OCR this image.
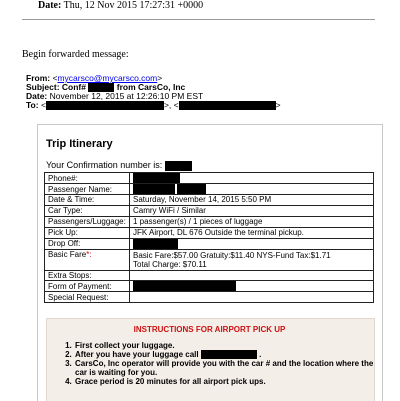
Date: Thu, 12 Nov 2015 17:27:31 +0000
Begin forwarded message:
From: <mycarsco@mycarsco.com>
Subject: Conf#	from CarsCo, Inc
Date: November 12, 2015 at 12:26:10 PM EST
To: <	>, <	>
Trip Itinerary
Your Confirmation number is:
Phone#:	
Passenger Name:	
Date & Time:	Saturday, November 14, 2015 5:50 PM
Car Type:	Camry WiFi / Similar
Passengers/Luggage:	1 passenger(s) / 1 pieces of luggage
Pick Up:	JFK Airport, DL 676 Outside the terminal pickup.
Drop Off:	
Basic Fare*:	Basic Fare:$57.00 Gratuity:$11.40 NYS-Fund Tax:$1.71
Total Charge: $70.11

Extra Stops:	
Form of Payment:	
Special Request:	
INSTRUCTIONS FOR AIRPORT PICK UP
1. First collect your luggage.
2. After you have your luggage call	.
3. CarsCo, Inc operator will provide you with the car # and the location where the car is waiting for you.
4. Grace period is 20 minutes for all airport pick ups.
